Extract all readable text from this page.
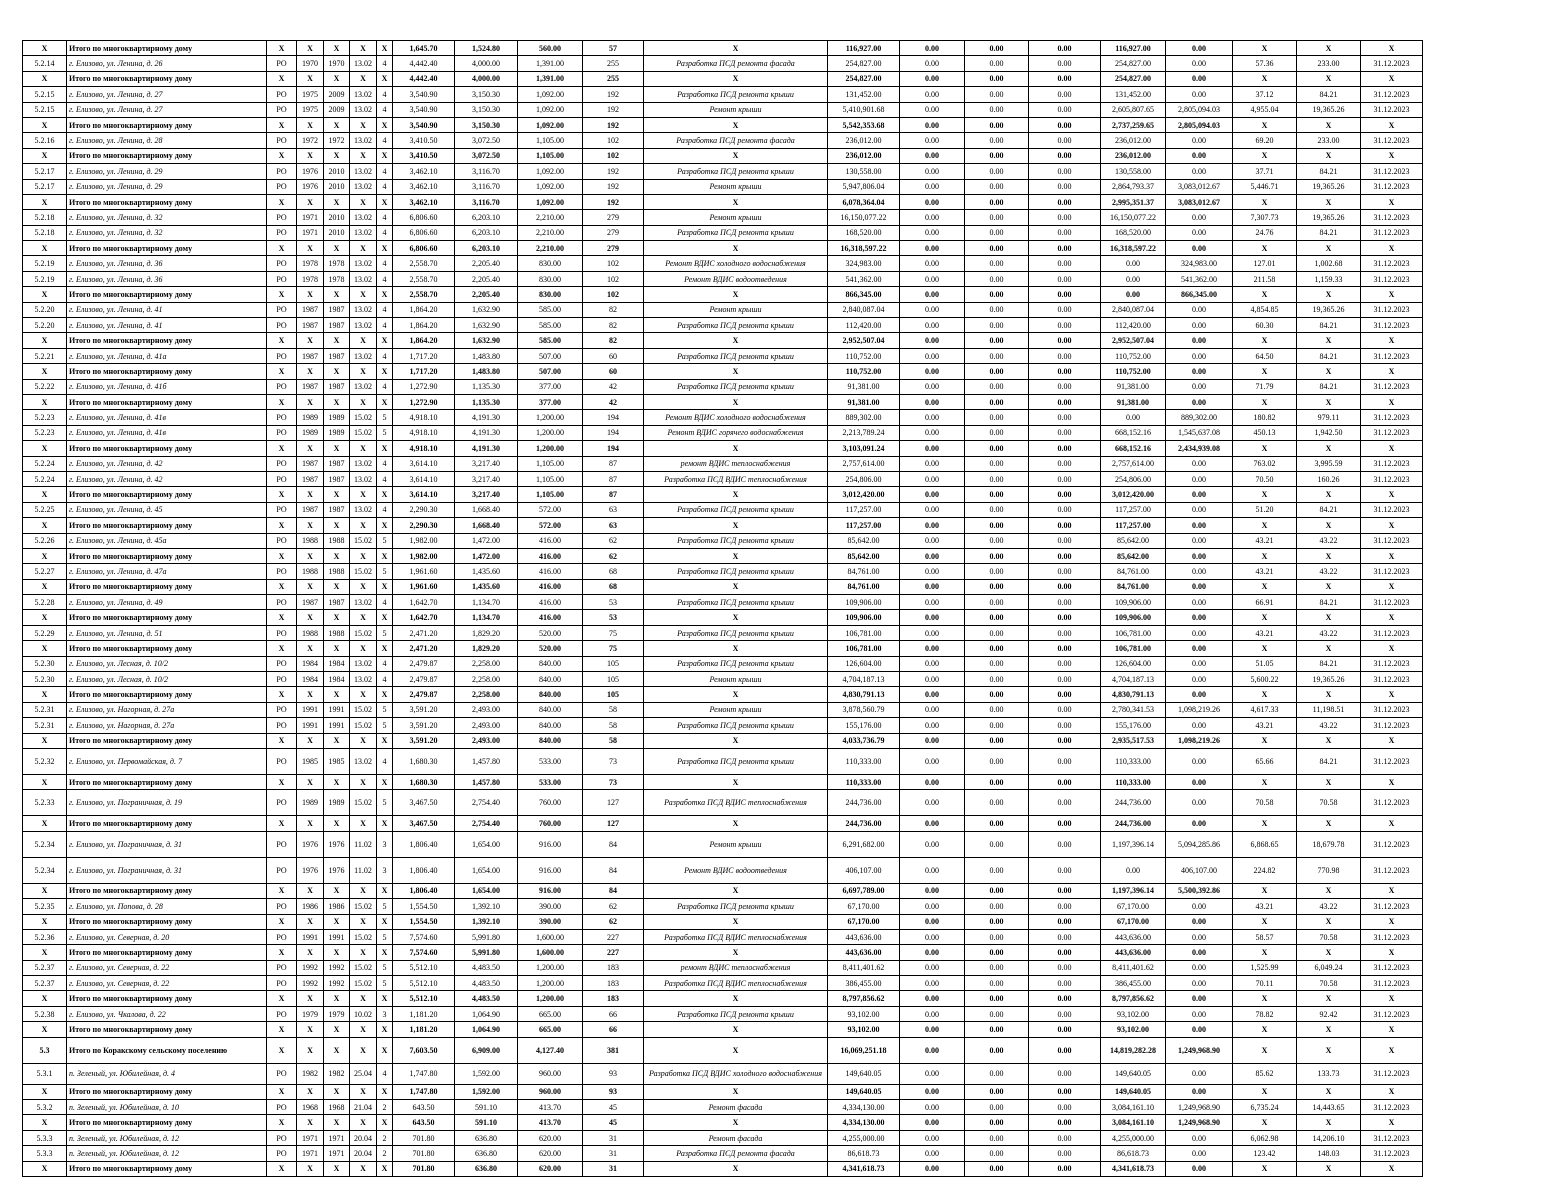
X	Итого по многоквартирному дому	X	X	X	X	X	1,645.70	1,524.80	560.00	57	X	116,927.00	0.00	0.00	0.00	116,927.00	0.00	X	X	X
5.2.14	г. Елизово, ул. Ленина, д. 26	PO	1970	1970	13.02	4	4,442.40	4,000.00	1,391.00	255	Разработка ПСД ремонта фасада	254,827.00	0.00	0.00	0.00	254,827.00	0.00	57.36	233.00	31.12.2023
X	Итого по многоквартирному дому	X	X	X	X	X	4,442.40	4,000.00	1,391.00	255	X	254,827.00	0.00	0.00	0.00	254,827.00	0.00	X	X	X
5.2.15	г. Елизово, ул. Ленина, д. 27	PO	1975	2009	13.02	4	3,540.90	3,150.30	1,092.00	192	Разработка ПСД ремонта крыши	131,452.00	0.00	0.00	0.00	131,452.00	0.00	37.12	84.21	31.12.2023
5.2.15	г. Елизово, ул. Ленина, д. 27	PO	1975	2009	13.02	4	3,540.90	3,150.30	1,092.00	192	Ремонт крыши	5,410,901.68	0.00	0.00	0.00	2,605,807.65	2,805,094.03	4,955.04	19,365.26	31.12.2023
X	Итого по многоквартирному дому	X	X	X	X	X	3,540.90	3,150.30	1,092.00	192	X	5,542,353.68	0.00	0.00	0.00	2,737,259.65	2,805,094.03	X	X	X
5.2.16	г. Елизово, ул. Ленина, д. 28	PO	1972	1972	13.02	4	3,410.50	3,072.50	1,105.00	102	Разработка ПСД ремонта фасада	236,012.00	0.00	0.00	0.00	236,012.00	0.00	69.20	233.00	31.12.2023
X	Итого по многоквартирному дому	X	X	X	X	X	3,410.50	3,072.50	1,105.00	102	X	236,012.00	0.00	0.00	0.00	236,012.00	0.00	X	X	X
5.2.17	г. Елизово, ул. Ленина, д. 29	PO	1976	2010	13.02	4	3,462.10	3,116.70	1,092.00	192	Разработка ПСД ремонта крыши	130,558.00	0.00	0.00	0.00	130,558.00	0.00	37.71	84.21	31.12.2023
5.2.17	г. Елизово, ул. Ленина, д. 29	PO	1976	2010	13.02	4	3,462.10	3,116.70	1,092.00	192	Ремонт крыши	5,947,806.04	0.00	0.00	0.00	2,864,793.37	3,083,012.67	5,446.71	19,365.26	31.12.2023
X	Итого по многоквартирному дому	X	X	X	X	X	3,462.10	3,116.70	1,092.00	192	X	6,078,364.04	0.00	0.00	0.00	2,995,351.37	3,083,012.67	X	X	X
5.2.18	г. Елизово, ул. Ленина, д. 32	PO	1971	2010	13.02	4	6,806.60	6,203.10	2,210.00	279	Ремонт крыши	16,150,077.22	0.00	0.00	0.00	16,150,077.22	0.00	7,307.73	19,365.26	31.12.2023
5.2.18	г. Елизово, ул. Ленина, д. 32	PO	1971	2010	13.02	4	6,806.60	6,203.10	2,210.00	279	Разработка ПСД ремонта крыши	168,520.00	0.00	0.00	0.00	168,520.00	0.00	24.76	84.21	31.12.2023
X	Итого по многоквартирному дому	X	X	X	X	X	6,806.60	6,203.10	2,210.00	279	X	16,318,597.22	0.00	0.00	0.00	16,318,597.22	0.00	X	X	X
5.2.19	г. Елизово, ул. Ленина, д. 36	PO	1978	1978	13.02	4	2,558.70	2,205.40	830.00	102	Ремонт ВДИС холодного водоснабжения	324,983.00	0.00	0.00	0.00	0.00	324,983.00	127.01	1,002.68	31.12.2023
5.2.19	г. Елизово, ул. Ленина, д. 36	PO	1978	1978	13.02	4	2,558.70	2,205.40	830.00	102	Ремонт ВДИС водоотведения	541,362.00	0.00	0.00	0.00	0.00	541,362.00	211.58	1,159.33	31.12.2023
X	Итого по многоквартирному дому	X	X	X	X	X	2,558.70	2,205.40	830.00	102	X	866,345.00	0.00	0.00	0.00	0.00	866,345.00	X	X	X
5.2.20	г. Елизово, ул. Ленина, д. 41	PO	1987	1987	13.02	4	1,864.20	1,632.90	585.00	82	Ремонт крыши	2,840,087.04	0.00	0.00	0.00	2,840,087.04	0.00	4,854.85	19,365.26	31.12.2023
5.2.20	г. Елизово, ул. Ленина, д. 41	PO	1987	1987	13.02	4	1,864.20	1,632.90	585.00	82	Разработка ПСД ремонта крыши	112,420.00	0.00	0.00	0.00	112,420.00	0.00	60.30	84.21	31.12.2023
X	Итого по многоквартирному дому	X	X	X	X	X	1,864.20	1,632.90	585.00	82	X	2,952,507.04	0.00	0.00	0.00	2,952,507.04	0.00	X	X	X
5.2.21	г. Елизово, ул. Ленина, д. 41а	PO	1987	1987	13.02	4	1,717.20	1,483.80	507.00	60	Разработка ПСД ремонта крыши	110,752.00	0.00	0.00	0.00	110,752.00	0.00	64.50	84.21	31.12.2023
X	Итого по многоквартирному дому	X	X	X	X	X	1,717.20	1,483.80	507.00	60	X	110,752.00	0.00	0.00	0.00	110,752.00	0.00	X	X	X
5.2.22	г. Елизово, ул. Ленина, д. 41б	PO	1987	1987	13.02	4	1,272.90	1,135.30	377.00	42	Разработка ПСД ремонта крыши	91,381.00	0.00	0.00	0.00	91,381.00	0.00	71.79	84.21	31.12.2023
X	Итого по многоквартирному дому	X	X	X	X	X	1,272.90	1,135.30	377.00	42	X	91,381.00	0.00	0.00	0.00	91,381.00	0.00	X	X	X
5.2.23	г. Елизово, ул. Ленина, д. 41в	PO	1989	1989	15.02	5	4,918.10	4,191.30	1,200.00	194	Ремонт ВДИС холодного водоснабжения	889,302.00	0.00	0.00	0.00	0.00	889,302.00	180.82	979.11	31.12.2023
5.2.23	г. Елизово, ул. Ленина, д. 41в	PO	1989	1989	15.02	5	4,918.10	4,191.30	1,200.00	194	Ремонт ВДИС горячего водоснабжения	2,213,789.24	0.00	0.00	0.00	668,152.16	1,545,637.08	450.13	1,942.50	31.12.2023
X	Итого по многоквартирному дому	X	X	X	X	X	4,918.10	4,191.30	1,200.00	194	X	3,103,091.24	0.00	0.00	0.00	668,152.16	2,434,939.08	X	X	X
5.2.24	г. Елизово, ул. Ленина, д. 42	PO	1987	1987	13.02	4	3,614.10	3,217.40	1,105.00	87	ремонт ВДИС теплоснабжения	2,757,614.00	0.00	0.00	0.00	2,757,614.00	0.00	763.02	3,995.59	31.12.2023
5.2.24	г. Елизово, ул. Ленина, д. 42	PO	1987	1987	13.02	4	3,614.10	3,217.40	1,105.00	87	Разработка ПСД ВДИС теплоснабжения	254,806.00	0.00	0.00	0.00	254,806.00	0.00	70.50	160.26	31.12.2023
X	Итого по многоквартирному дому	X	X	X	X	X	3,614.10	3,217.40	1,105.00	87	X	3,012,420.00	0.00	0.00	0.00	3,012,420.00	0.00	X	X	X
5.2.25	г. Елизово, ул. Ленина, д. 45	PO	1987	1987	13.02	4	2,290.30	1,668.40	572.00	63	Разработка ПСД ремонта крыши	117,257.00	0.00	0.00	0.00	117,257.00	0.00	51.20	84.21	31.12.2023
X	Итого по многоквартирному дому	X	X	X	X	X	2,290.30	1,668.40	572.00	63	X	117,257.00	0.00	0.00	0.00	117,257.00	0.00	X	X	X
5.2.26	г. Елизово, ул. Ленина, д. 45а	PO	1988	1988	15.02	5	1,982.00	1,472.00	416.00	62	Разработка ПСД ремонта крыши	85,642.00	0.00	0.00	0.00	85,642.00	0.00	43.21	43.22	31.12.2023
X	Итого по многоквартирному дому	X	X	X	X	X	1,982.00	1,472.00	416.00	62	X	85,642.00	0.00	0.00	0.00	85,642.00	0.00	X	X	X
5.2.27	г. Елизово, ул. Ленина, д. 47а	PO	1988	1988	15.02	5	1,961.60	1,435.60	416.00	68	Разработка ПСД ремонта крыши	84,761.00	0.00	0.00	0.00	84,761.00	0.00	43.21	43.22	31.12.2023
X	Итого по многоквартирному дому	X	X	X	X	X	1,961.60	1,435.60	416.00	68	X	84,761.00	0.00	0.00	0.00	84,761.00	0.00	X	X	X
5.2.28	г. Елизово, ул. Ленина, д. 49	PO	1987	1987	13.02	4	1,642.70	1,134.70	416.00	53	Разработка ПСД ремонта крыши	109,906.00	0.00	0.00	0.00	109,906.00	0.00	66.91	84.21	31.12.2023
X	Итого по многоквартирному дому	X	X	X	X	X	1,642.70	1,134.70	416.00	53	X	109,906.00	0.00	0.00	0.00	109,906.00	0.00	X	X	X
5.2.29	г. Елизово, ул. Ленина, д. 51	PO	1988	1988	15.02	5	2,471.20	1,829.20	520.00	75	Разработка ПСД ремонта крыши	106,781.00	0.00	0.00	0.00	106,781.00	0.00	43.21	43.22	31.12.2023
X	Итого по многоквартирному дому	X	X	X	X	X	2,471.20	1,829.20	520.00	75	X	106,781.00	0.00	0.00	0.00	106,781.00	0.00	X	X	X
5.2.30	г. Елизово, ул. Лесная, д. 10/2	PO	1984	1984	13.02	4	2,479.87	2,258.00	840.00	105	Разработка ПСД ремонта крыши	126,604.00	0.00	0.00	0.00	126,604.00	0.00	51.05	84.21	31.12.2023
5.2.30	г. Елизово, ул. Лесная, д. 10/2	PO	1984	1984	13.02	4	2,479.87	2,258.00	840.00	105	Ремонт крыши	4,704,187.13	0.00	0.00	0.00	4,704,187.13	0.00	5,600.22	19,365.26	31.12.2023
X	Итого по многоквартирному дому	X	X	X	X	X	2,479.87	2,258.00	840.00	105	X	4,830,791.13	0.00	0.00	0.00	4,830,791.13	0.00	X	X	X
5.2.31	г. Елизово, ул. Нагорная, д. 27а	PO	1991	1991	15.02	5	3,591.20	2,493.00	840.00	58	Ремонт крыши	3,878,560.79	0.00	0.00	0.00	2,780,341.53	1,098,219.26	4,617.33	11,198.51	31.12.2023
5.2.31	г. Елизово, ул. Нагорная, д. 27а	PO	1991	1991	15.02	5	3,591.20	2,493.00	840.00	58	Разработка ПСД ремонта крыши	155,176.00	0.00	0.00	0.00	155,176.00	0.00	43.21	43.22	31.12.2023
X	Итого по многоквартирному дому	X	X	X	X	X	3,591.20	2,493.00	840.00	58	X	4,033,736.79	0.00	0.00	0.00	2,935,517.53	1,098,219.26	X	X	X
5.2.32	г. Елизово, ул. Первомайская, д. 7	PO	1985	1985	13.02	4	1,680.30	1,457.80	533.00	73	Разработка ПСД ремонта крыши	110,333.00	0.00	0.00	0.00	110,333.00	0.00	65.66	84.21	31.12.2023
X	Итого по многоквартирному дому	X	X	X	X	X	1,680.30	1,457.80	533.00	73	X	110,333.00	0.00	0.00	0.00	110,333.00	0.00	X	X	X
5.2.33	г. Елизово, ул. Пограничная, д. 19	PO	1989	1989	15.02	5	3,467.50	2,754.40	760.00	127	Разработка ПСД ВДИС теплоснабжения	244,736.00	0.00	0.00	0.00	244,736.00	0.00	70.58	70.58	31.12.2023
X	Итого по многоквартирному дому	X	X	X	X	X	3,467.50	2,754.40	760.00	127	X	244,736.00	0.00	0.00	0.00	244,736.00	0.00	X	X	X
5.2.34	г. Елизово, ул. Пограничная, д. 31	PO	1976	1976	11.02	3	1,806.40	1,654.00	916.00	84	Ремонт крыши	6,291,682.00	0.00	0.00	0.00	1,197,396.14	5,094,285.86	6,868.65	18,679.78	31.12.2023
5.2.34	г. Елизово, ул. Пограничная, д. 31	PO	1976	1976	11.02	3	1,806.40	1,654.00	916.00	84	Ремонт ВДИС водоотведения	406,107.00	0.00	0.00	0.00	0.00	406,107.00	224.82	770.98	31.12.2023
X	Итого по многоквартирному дому	X	X	X	X	X	1,806.40	1,654.00	916.00	84	X	6,697,789.00	0.00	0.00	0.00	1,197,396.14	5,500,392.86	X	X	X
5.2.35	г. Елизово, ул. Попова, д. 28	PO	1986	1986	15.02	5	1,554.50	1,392.10	390.00	62	Разработка ПСД ремонта крыши	67,170.00	0.00	0.00	0.00	67,170.00	0.00	43.21	43.22	31.12.2023
X	Итого по многоквартирному дому	X	X	X	X	X	1,554.50	1,392.10	390.00	62	X	67,170.00	0.00	0.00	0.00	67,170.00	0.00	X	X	X
5.2.36	г. Елизово, ул. Северная, д. 20	PO	1991	1991	15.02	5	7,574.60	5,991.80	1,600.00	227	Разработка ПСД ВДИС теплоснабжения	443,636.00	0.00	0.00	0.00	443,636.00	0.00	58.57	70.58	31.12.2023
X	Итого по многоквартирному дому	X	X	X	X	X	7,574.60	5,991.80	1,600.00	227	X	443,636.00	0.00	0.00	0.00	443,636.00	0.00	X	X	X
5.2.37	г. Елизово, ул. Северная, д. 22	PO	1992	1992	15.02	5	5,512.10	4,483.50	1,200.00	183	ремонт ВДИС теплоснабжения	8,411,401.62	0.00	0.00	0.00	8,411,401.62	0.00	1,525.99	6,049.24	31.12.2023
5.2.37	г. Елизово, ул. Северная, д. 22	PO	1992	1992	15.02	5	5,512.10	4,483.50	1,200.00	183	Разработка ПСД ВДИС теплоснабжения	386,455.00	0.00	0.00	0.00	386,455.00	0.00	70.11	70.58	31.12.2023
X	Итого по многоквартирному дому	X	X	X	X	X	5,512.10	4,483.50	1,200.00	183	X	8,797,856.62	0.00	0.00	0.00	8,797,856.62	0.00	X	X	X
5.2.38	г. Елизово, ул. Чкалова, д. 22	PO	1979	1979	10.02	3	1,181.20	1,064.90	665.00	66	Разработка ПСД ремонта крыши	93,102.00	0.00	0.00	0.00	93,102.00	0.00	78.82	92.42	31.12.2023
X	Итого по многоквартирному дому	X	X	X	X	X	1,181.20	1,064.90	665.00	66	X	93,102.00	0.00	0.00	0.00	93,102.00	0.00	X	X	X
5.3	Итого по Коракскому сельскому поселению	X	X	X	X	X	7,603.50	6,909.00	4,127.40	381	X	16,069,251.18	0.00	0.00	0.00	14,819,282.28	1,249,968.90	X	X	X
5.3.1	п. Зеленый, ул. Юбилейная, д. 4	PO	1982	1982	25.04	4	1,747.80	1,592.00	960.00	93	Разработка ПСД ВДИС холодного водоснабжения	149,640.05	0.00	0.00	0.00	149,640.05	0.00	85.62	133.73	31.12.2023
X	Итого по многоквартирному дому	X	X	X	X	X	1,747.80	1,592.00	960.00	93	X	149,640.05	0.00	0.00	0.00	149,640.05	0.00	X	X	X
5.3.2	п. Зеленый, ул. Юбилейная, д. 10	PO	1968	1968	21.04	2	643.50	591.10	413.70	45	Ремонт фасада	4,334,130.00	0.00	0.00	0.00	3,084,161.10	1,249,968.90	6,735.24	14,443.65	31.12.2023
X	Итого по многоквартирному дому	X	X	X	X	X	643.50	591.10	413.70	45	X	4,334,130.00	0.00	0.00	0.00	3,084,161.10	1,249,968.90	X	X	X
5.3.3	п. Зеленый, ул. Юбилейная, д. 12	PO	1971	1971	20.04	2	701.80	636.80	620.00	31	Ремонт фасада	4,255,000.00	0.00	0.00	0.00	4,255,000.00	0.00	6,062.98	14,206.10	31.12.2023
5.3.3	п. Зеленый, ул. Юбилейная, д. 12	PO	1971	1971	20.04	2	701.80	636.80	620.00	31	Разработка ПСД ремонта фасада	86,618.73	0.00	0.00	0.00	86,618.73	0.00	123.42	148.03	31.12.2023
X	Итого по многоквартирному дому	X	X	X	X	X	701.80	636.80	620.00	31	X	4,341,618.73	0.00	0.00	0.00	4,341,618.73	0.00	X	X	X
